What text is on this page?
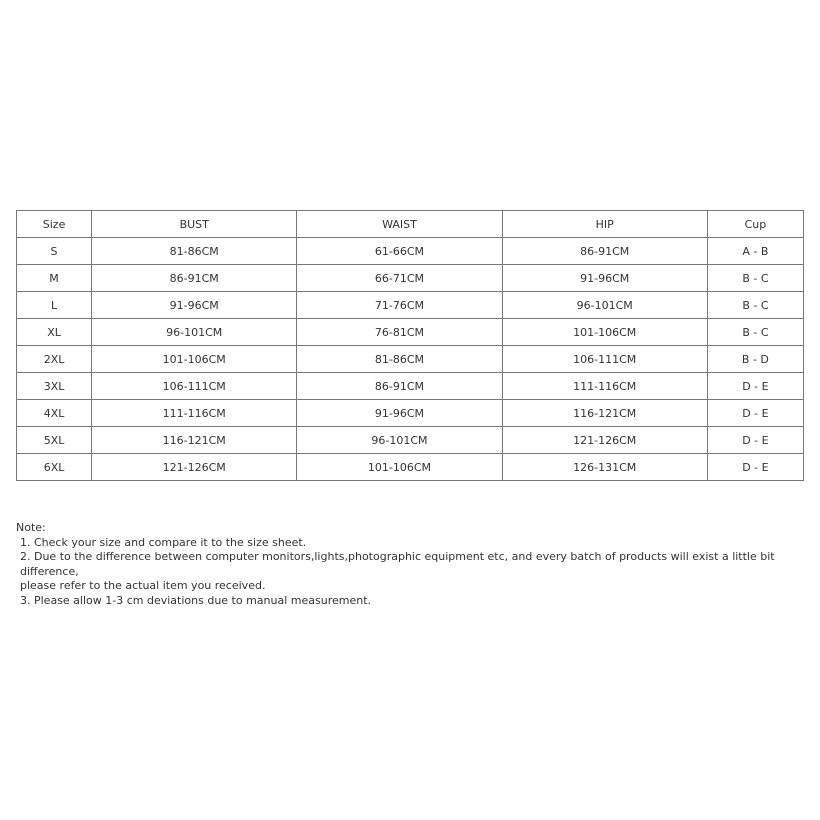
Size	BUST	WAIST	HIP	Cup
S	81-86CM	61-66CM	86-91CM	A - B
M	86-91CM	66-71CM	91-96CM	B - C
L	91-96CM	71-76CM	96-101CM	B - C
XL	96-101CM	76-81CM	101-106CM	B - C
2XL	101-106CM	81-86CM	106-111CM	B - D
3XL	106-111CM	86-91CM	111-116CM	D - E
4XL	111-116CM	91-96CM	116-121CM	D - E
5XL	116-121CM	96-101CM	121-126CM	D - E
6XL	121-126CM	101-106CM	126-131CM	D - E

Note:

1. Check your size and compare it to the size sheet.

2. Due to the difference between computer monitors,lights,photographic equipment etc, and every batch of products will exist a little bit difference,

please refer to the actual item you received.

3. Please allow 1-3 cm deviations due to manual measurement.
